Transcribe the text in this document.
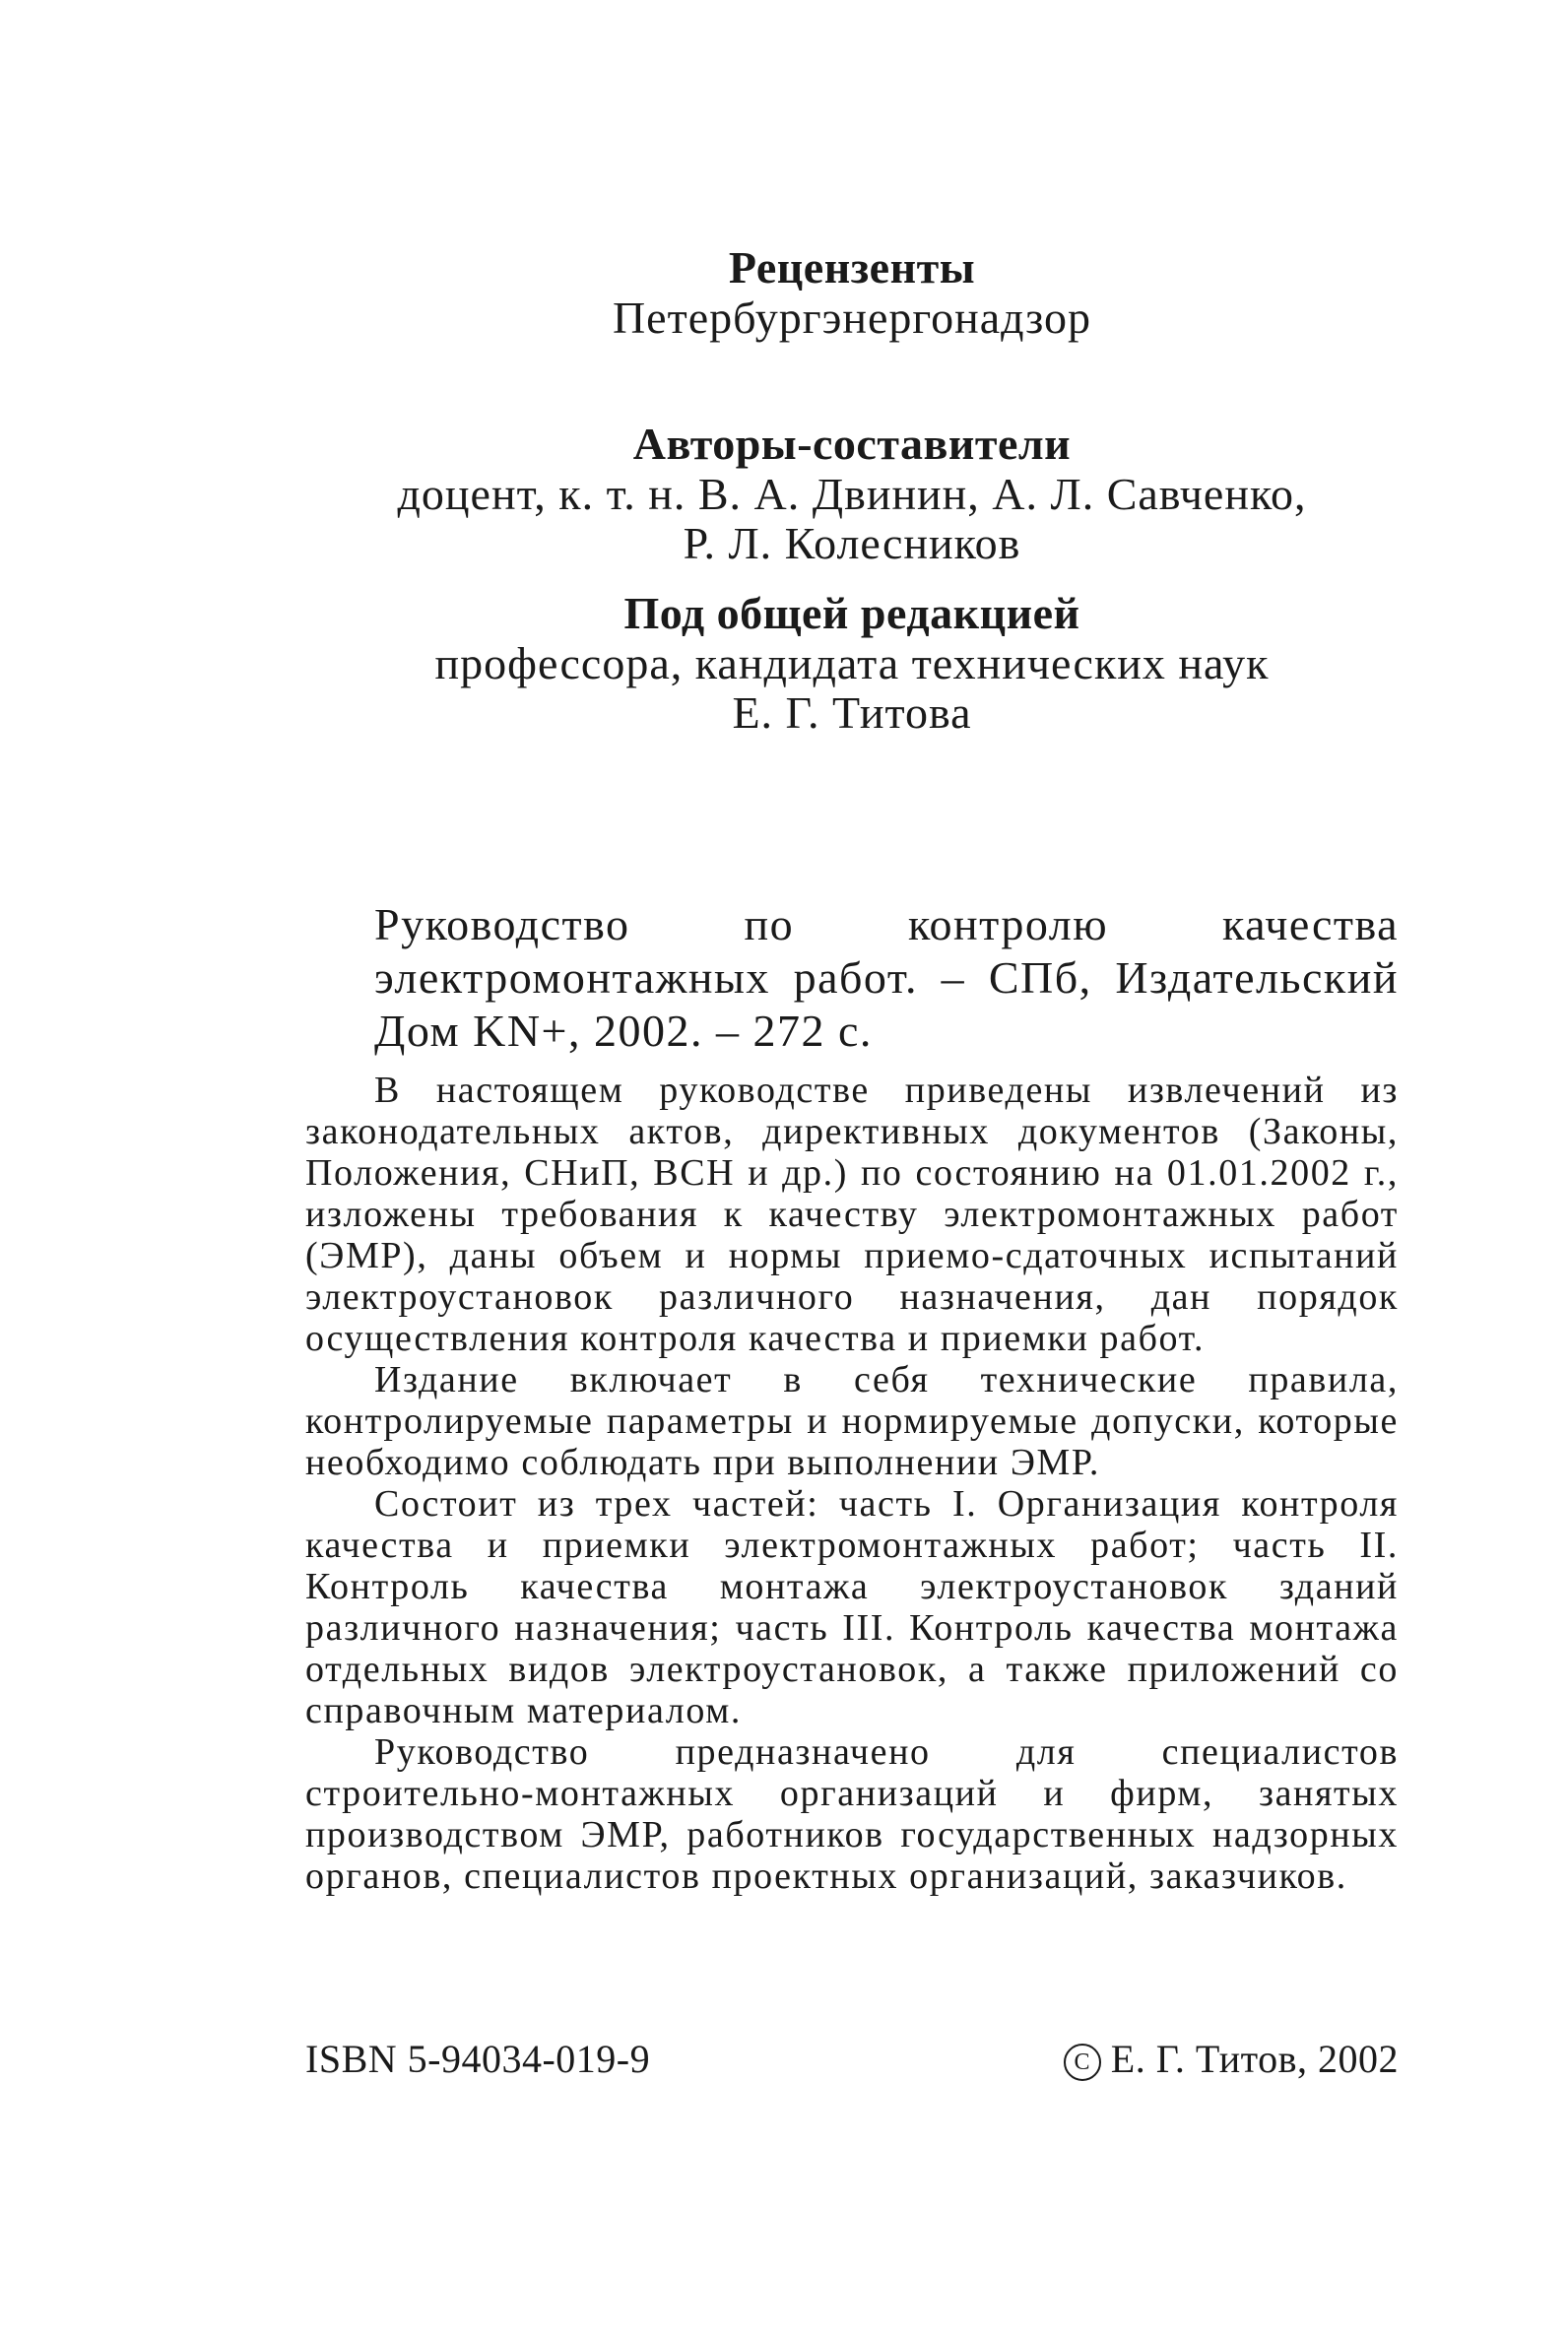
Рецензенты
Петербургэнергонадзор
Авторы-составители
доцент, к. т. н. В. А. Двинин, А. Л. Савченко,
Р. Л. Колесников
Под общей редакцией
профессора, кандидата технических наук
Е. Г. Титова
Руководство по контролю качества электромонтажных работ. – СПб, Издательский Дом KN+, 2002. – 272 с.

В настоящем руководстве приведены извлечений из законодательных актов, директивных документов (Законы, Положения, СНиП, ВСН и др.) по состоянию на 01.01.2002 г., изложены требования к качеству электромонтажных работ (ЭМР), даны объем и нормы приемо-сдаточных испытаний электроустановок различного назначения, дан порядок осуществления контроля качества и приемки работ.

Издание включает в себя технические правила, контролируемые параметры и нормируемые допуски, которые необходимо соблюдать при выполнении ЭМР.

Состоит из трех частей: часть I. Организация контроля качества и приемки электромонтажных работ; часть II. Контроль качества монтажа электроустановок зданий различного назначения; часть III. Контроль качества монтажа отдельных видов электроустановок, а также приложений со справочным материалом.

Руководство предназначено для специалистов строительно-монтажных организаций и фирм, занятых производством ЭМР, работников государственных надзорных органов, специалистов проектных организаций, заказчиков.

ISBN 5-94034-019-9	C Е. Г. Титов, 2002
